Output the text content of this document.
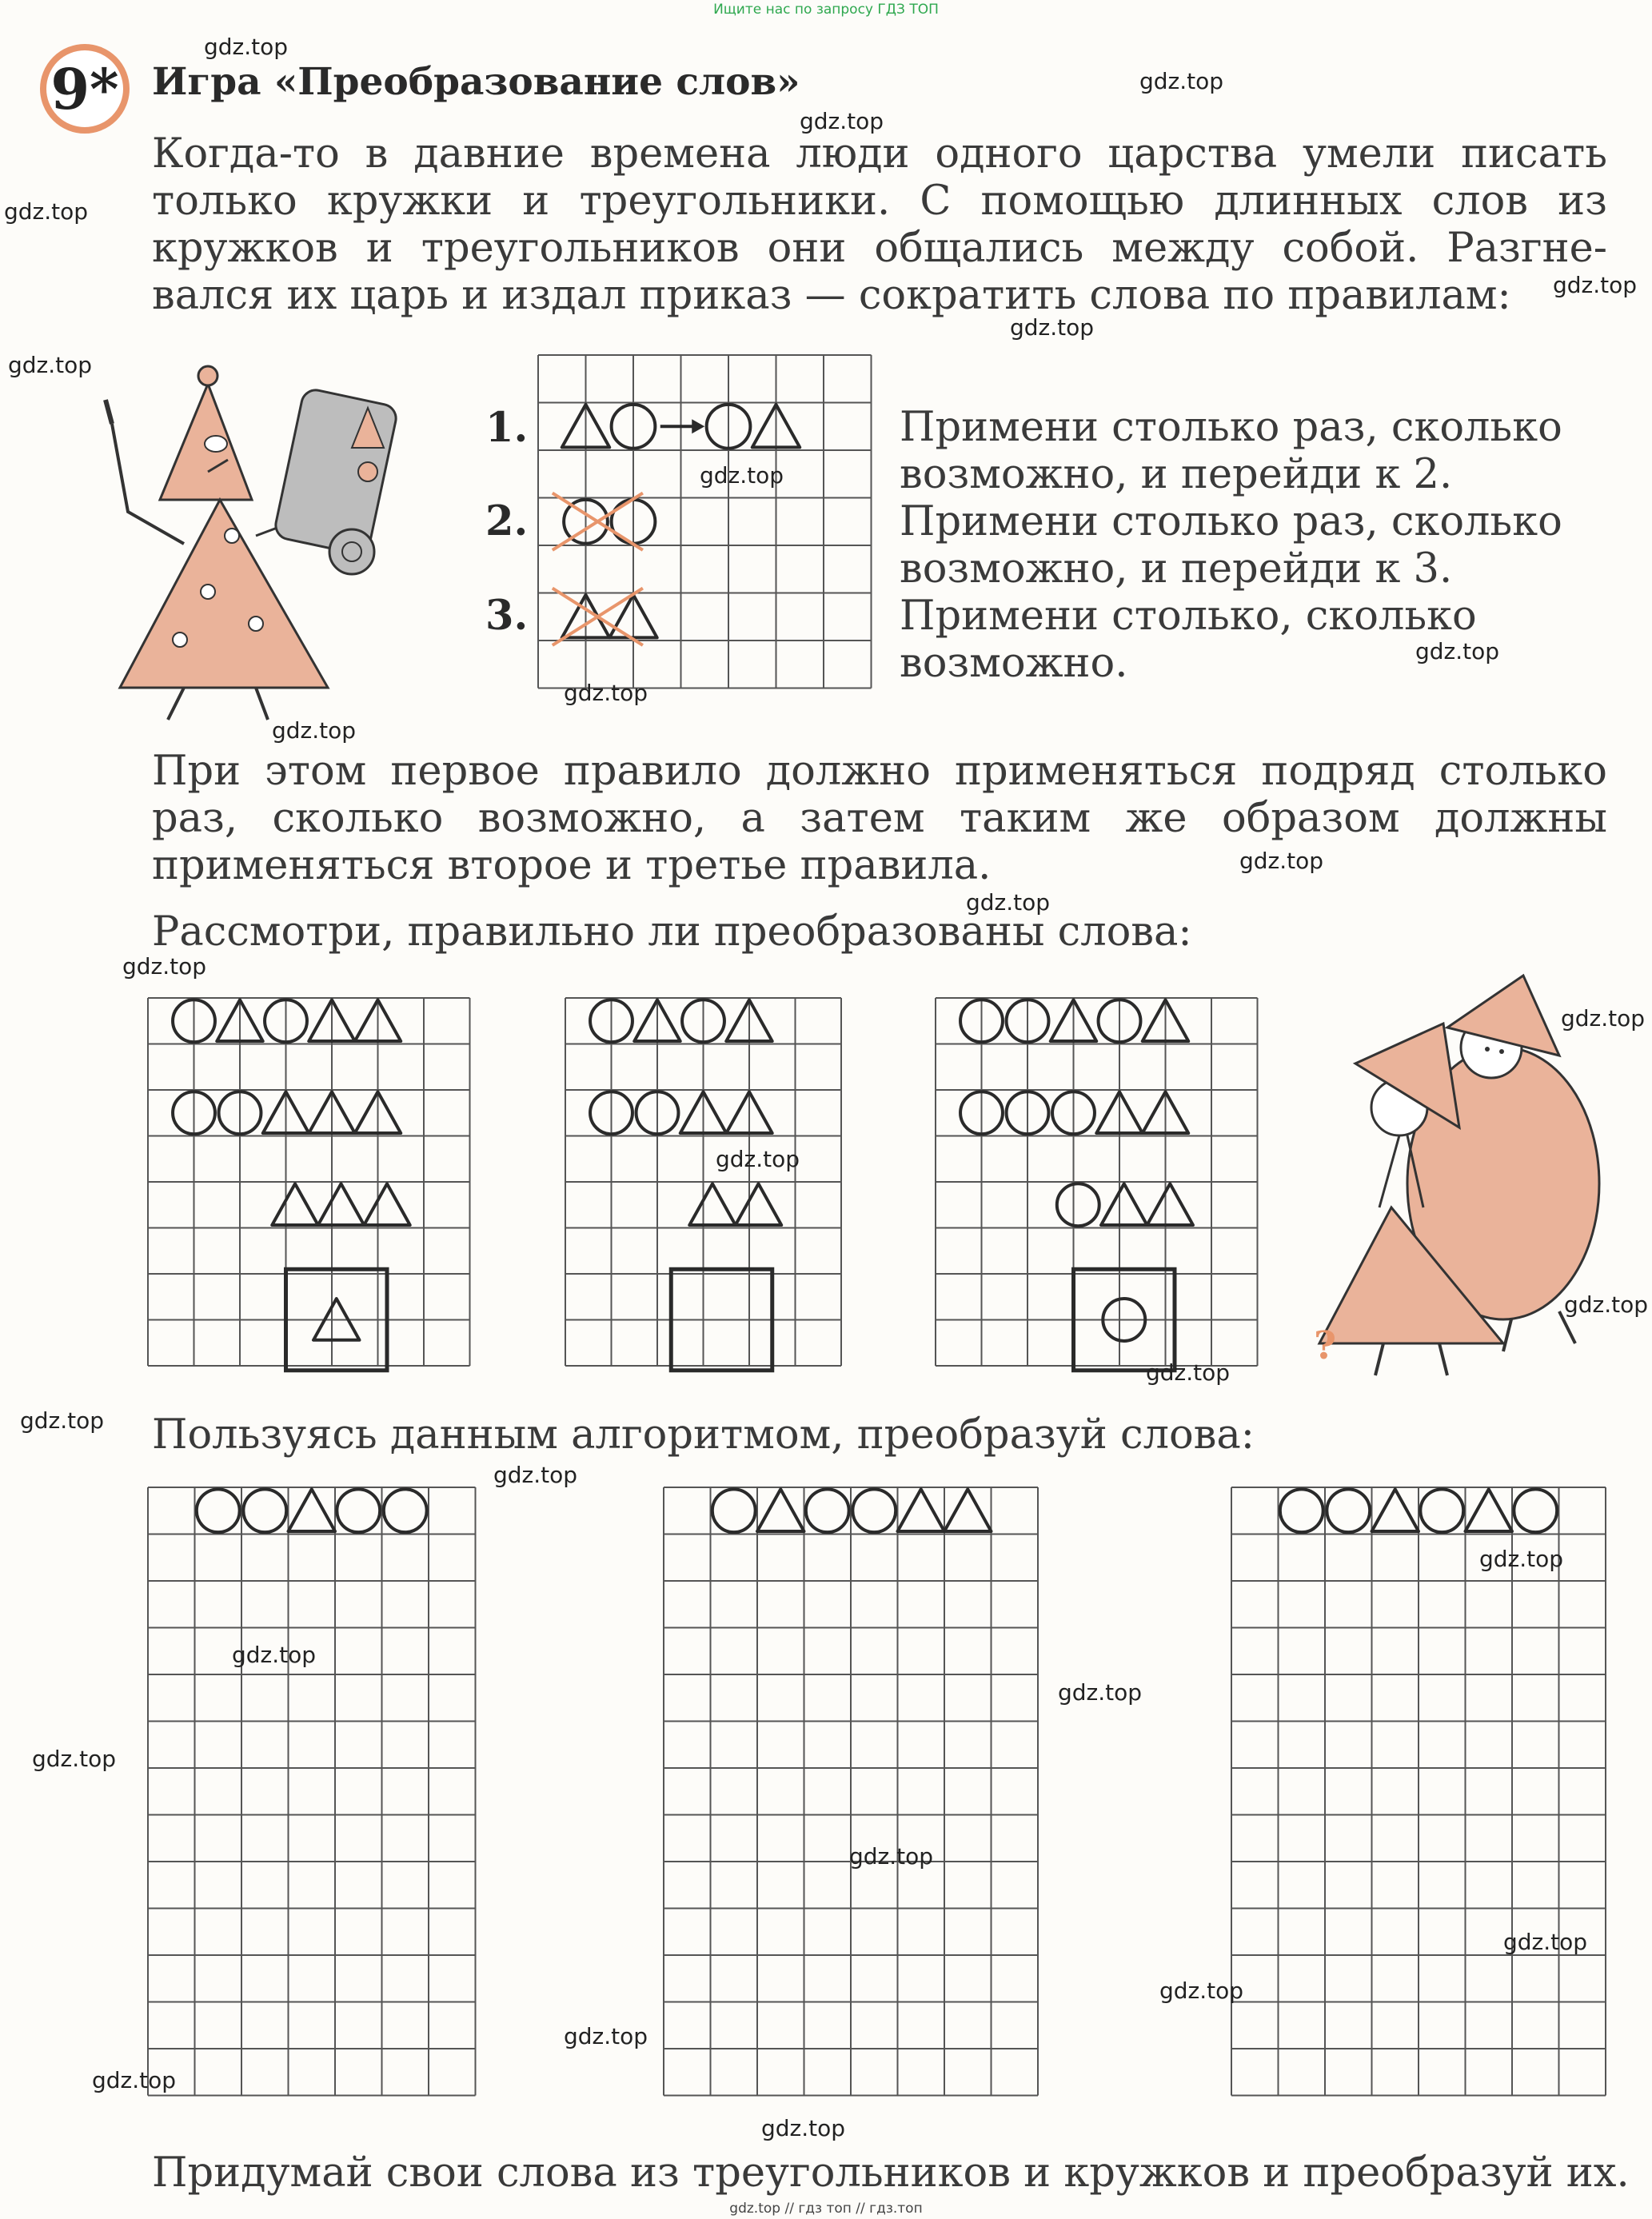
Ищите нас по запросу ГДЗ ТОП
9* Игра «Преобразование слов»
Когда-то в давние времена люди одного царства умели писать
только кружки и треугольники. С помощью длинных слов из
кружков и треугольников они общались между собой. Разгне-
вался их царь и издал приказ — сократить слова по правилам:
1.
2.
3.
Примени столько раз, сколько
возможно, и перейди к 2.
Примени столько раз, сколько
возможно, и перейди к 3.
Примени столько, сколько
возможно.
При этом первое правило должно применяться подряд столько
раз, сколько возможно, а затем таким же образом должны
применяться второе и третье правила.
Рассмотри, правильно ли преобразованы слова:
?
Пользуясь данным алгоритмом, преобразуй слова:
Придумай свои слова из треугольников и кружков и преобразуй их.
gdz.top // гдз топ // гдз.топ
gdz.top
gdz.top
gdz.top
gdz.top
gdz.top
gdz.top
gdz.top
gdz.top
gdz.top
gdz.top
gdz.top
gdz.top
gdz.top
gdz.top
gdz.top
gdz.top
gdz.top
gdz.top
gdz.top
gdz.top
gdz.top
gdz.top
gdz.top
gdz.top
gdz.top
gdz.top
gdz.top
gdz.top
gdz.top
gdz.top
